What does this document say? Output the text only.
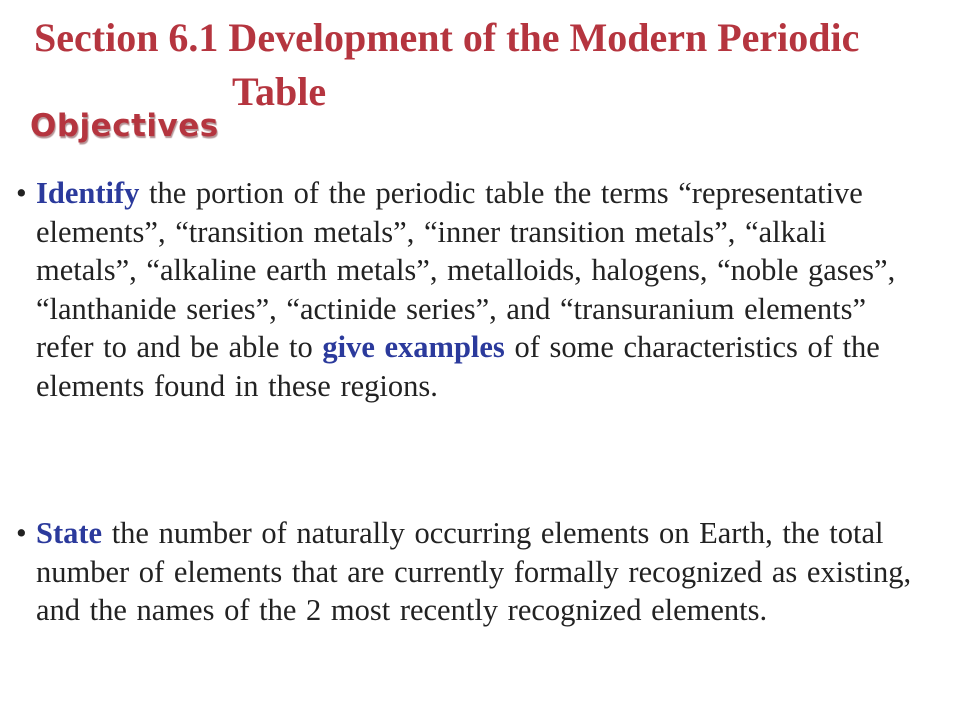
Section 6.1 Development of the Modern Periodic
Table
Objectives
• Identify the portion of the periodic table the terms “representative elements”, “transition metals”, “inner transition metals”, “alkali metals”, “alkaline earth metals”, metalloids, halogens, “noble gases”, “lanthanide series”, “actinide series”, and “transuranium elements” refer to and be able to give examples of some characteristics of the elements found in these regions.
• State the number of naturally occurring elements on Earth, the total number of elements that are currently formally recognized as existing, and the names of the 2 most recently recognized elements.
